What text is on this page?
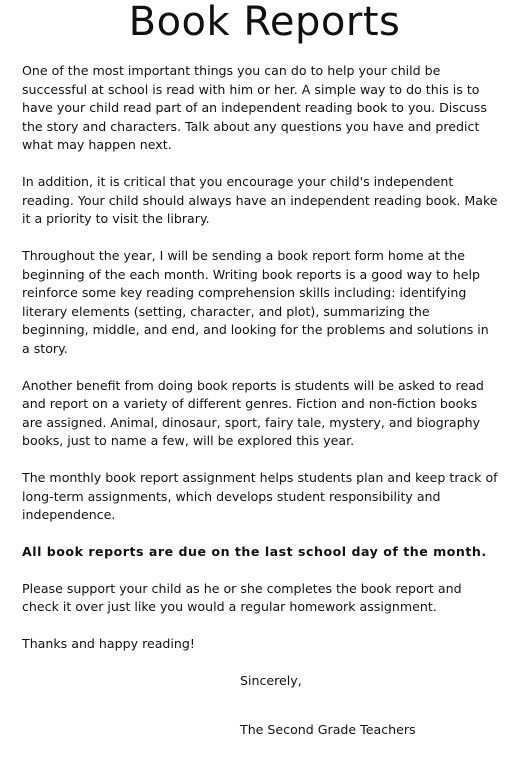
Book Reports

One of the most important things you can do to help your child be successful at school is read with him or her. A simple way to do this is to have your child read part of an independent reading book to you. Discuss the story and characters. Talk about any questions you have and predict what may happen next.

In addition, it is critical that you encourage your child's independent reading. Your child should always have an independent reading book. Make it a priority to visit the library.

Throughout the year, I will be sending a book report form home at the beginning of the each month. Writing book reports is a good way to help reinforce some key reading comprehension skills including: identifying literary elements (setting, character, and plot), summarizing the beginning, middle, and end, and looking for the problems and solutions in a story.

Another benefit from doing book reports is students will be asked to read and report on a variety of different genres. Fiction and non-fiction books are assigned. Animal, dinosaur, sport, fairy tale, mystery, and biography books, just to name a few, will be explored this year.

The monthly book report assignment helps students plan and keep track of long-term assignments, which develops student responsibility and independence.

All book reports are due on the last school day of the month.

Please support your child as he or she completes the book report and check it over just like you would a regular homework assignment.

Thanks and happy reading!

Sincerely,

The Second Grade Teachers
